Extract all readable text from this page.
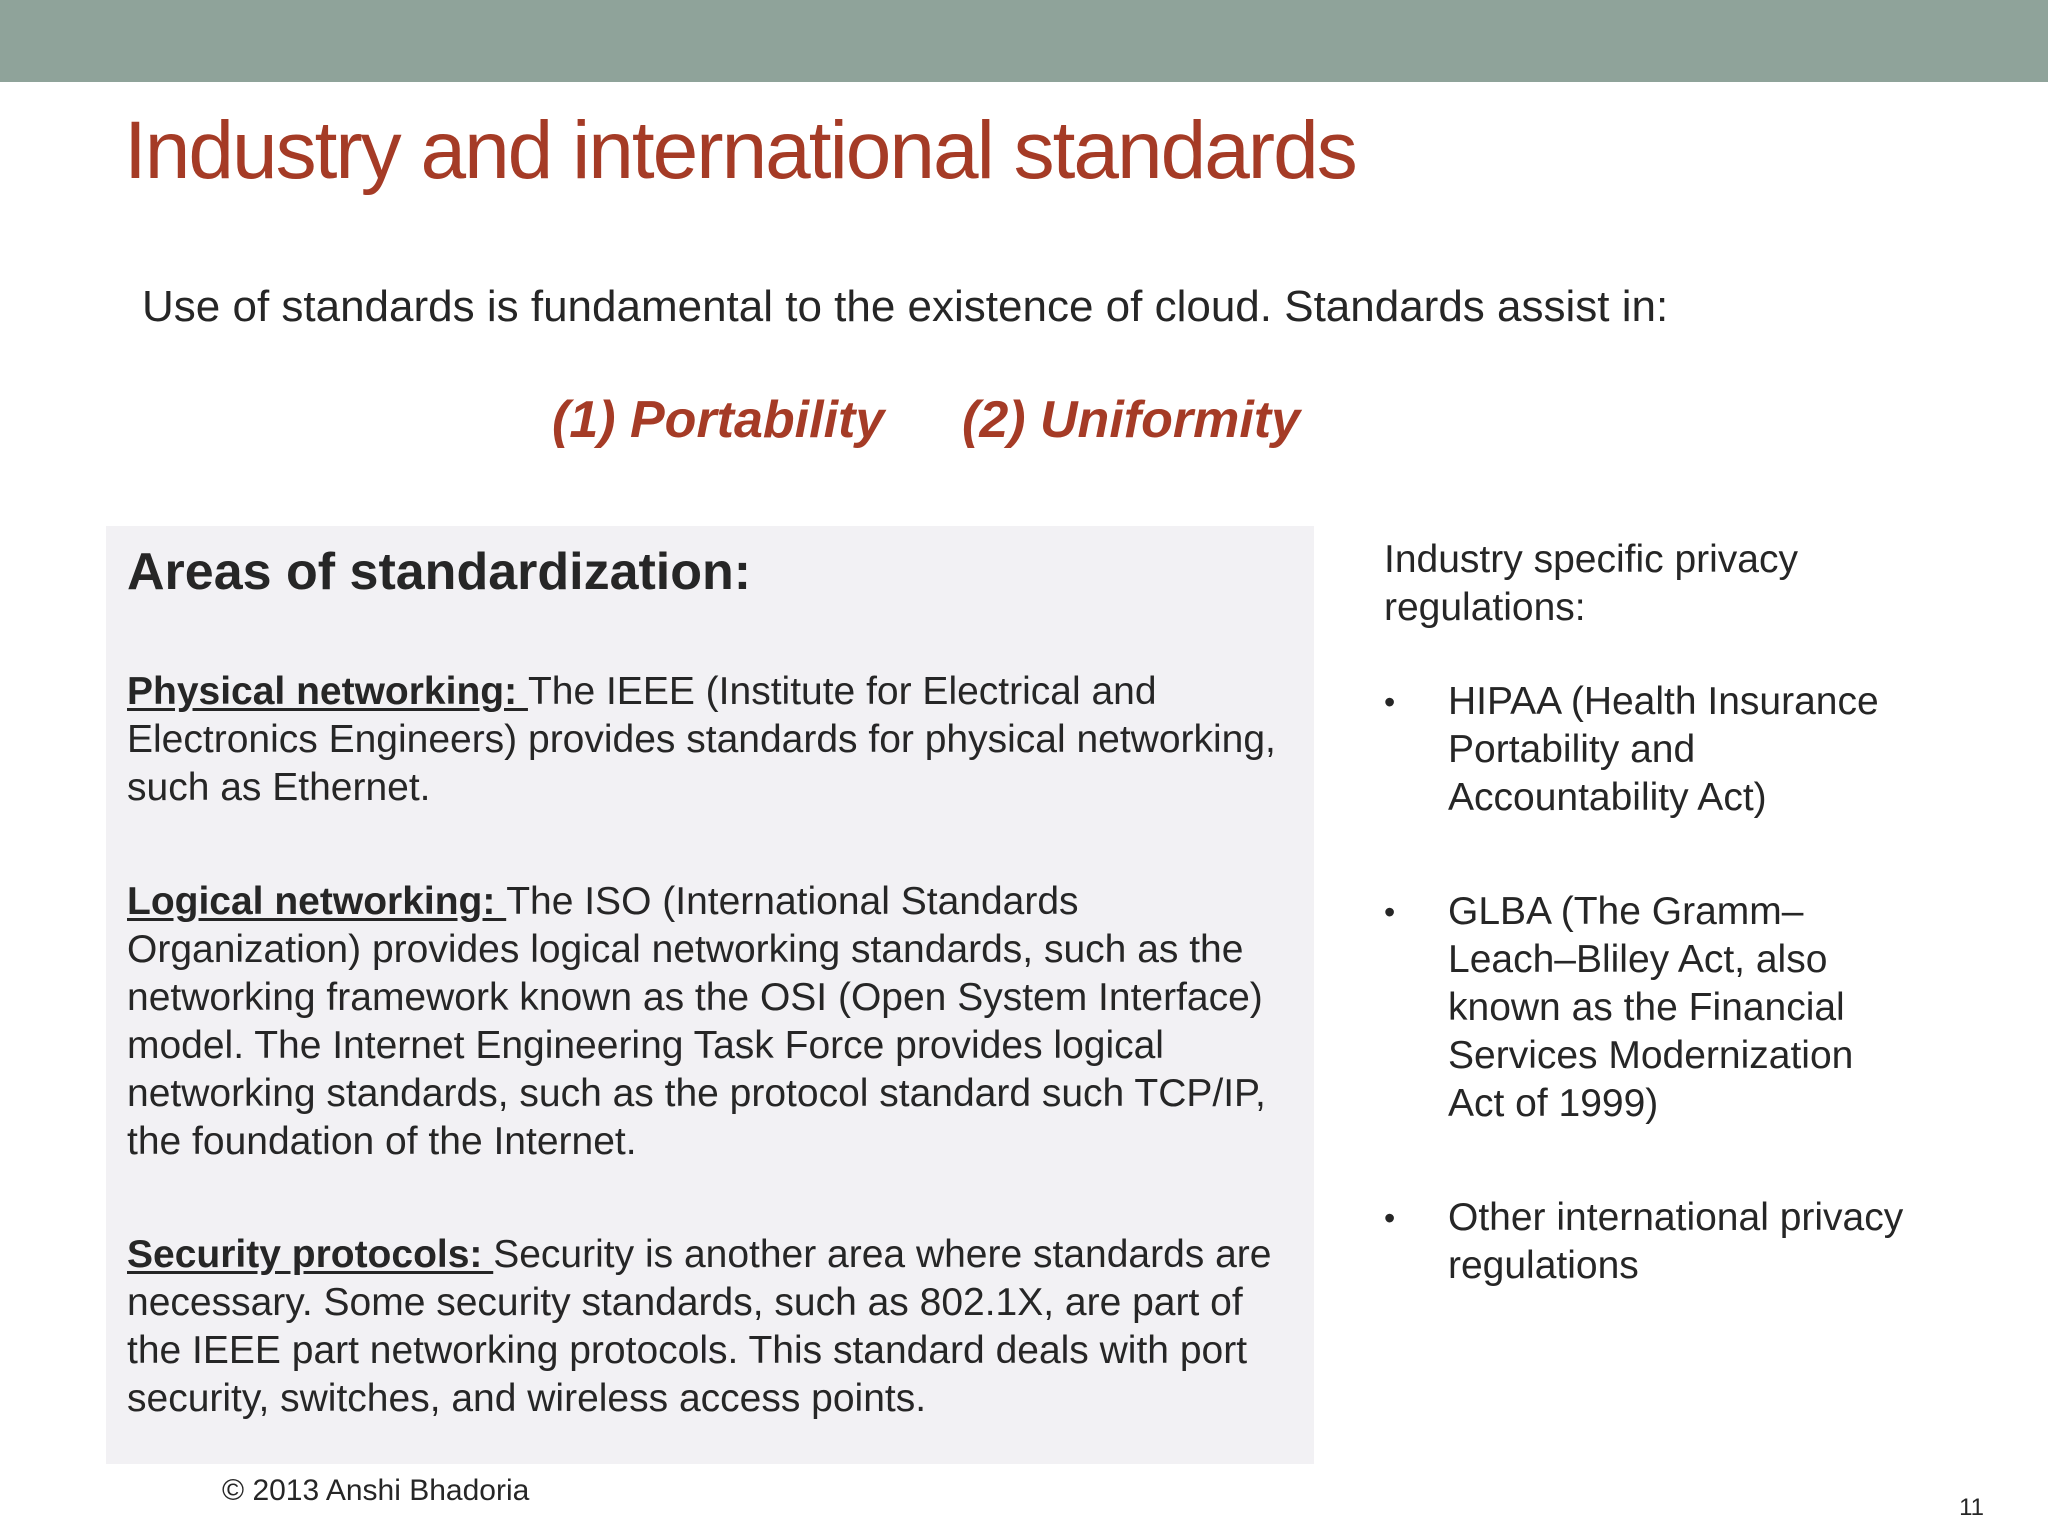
Industry and international standards

Use of standards is fundamental to the existence of cloud. Standards assist in:

(1) Portability (2) Uniformity
Areas of standardization:

Physical networking: The IEEE (Institute for Electrical and Electronics Engineers) provides standards for physical networking, such as Ethernet.

Logical networking: The ISO (International Standards Organization) provides logical networking standards, such as the networking framework known as the OSI (Open System Interface) model. The Internet Engineering Task Force provides logical networking standards, such as the protocol standard such TCP/IP, the foundation of the Internet.

Security protocols: Security is another area where standards are necessary. Some security standards, such as 802.1X, are part of the IEEE part networking protocols. This standard deals with port security, switches, and wireless access points.

Industry specific privacy regulations:

• HIPAA (Health Insurance Portability and Accountability Act)
• GLBA (The Gramm–Leach–Bliley Act, also known as the Financial Services Modernization Act of 1999)
• Other international privacy regulations
© 2013 Anshi Bhadoria
11
